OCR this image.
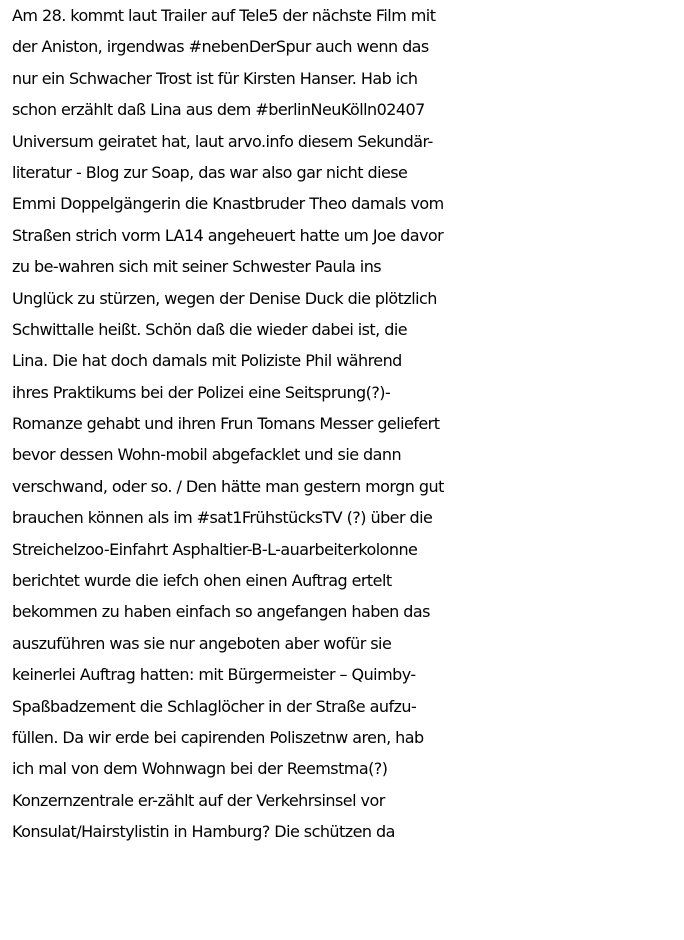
Am 28. kommt laut Trailer auf Tele5 der nächste Film mit
der Aniston, irgendwas #nebenDerSpur auch wenn das
nur ein Schwacher Trost ist für Kirsten Hanser. Hab ich
schon erzählt daß Lina aus dem #berlinNeuKölln02407
Universum geiratet hat, laut arvo.info diesem Sekundär-
literatur - Blog zur Soap, das war also gar nicht diese
Emmi Doppelgängerin die Knastbruder Theo damals vom
Straßen strich vorm LA14 angeheuert hatte um Joe davor
zu be-wahren sich mit seiner Schwester Paula ins
Unglück zu stürzen, wegen der Denise Duck die plötzlich
Schwittalle heißt. Schön daß die wieder dabei ist, die
Lina. Die hat doch damals mit Poliziste Phil während
ihres Praktikums bei der Polizei eine Seitsprung(?)-
Romanze gehabt und ihren Frun Tomans Messer geliefert
bevor dessen Wohn-mobil abgefacklet und sie dann
verschwand, oder so. / Den hätte man gestern morgn gut
brauchen können als im #sat1FrühstücksTV (?) über die
Streichelzoo-Einfahrt Asphaltier-B-L-auarbeiterkolonne
berichtet wurde die iefch ohen einen Auftrag ertelt
bekommen zu haben einfach so angefangen haben das
auszuführen was sie nur angeboten aber wofür sie
keinerlei Auftrag hatten: mit Bürgermeister – Quimby-
Spaßbadzement die Schlaglöcher in der Straße aufzu-
füllen. Da wir erde bei capirenden Poliszetnw aren, hab
ich mal von dem Wohnwagn bei der Reemstma(?)
Konzernzentrale er-zählt auf der Verkehrsinsel vor
Konsulat/Hairstylistin in Hamburg? Die schützen da
